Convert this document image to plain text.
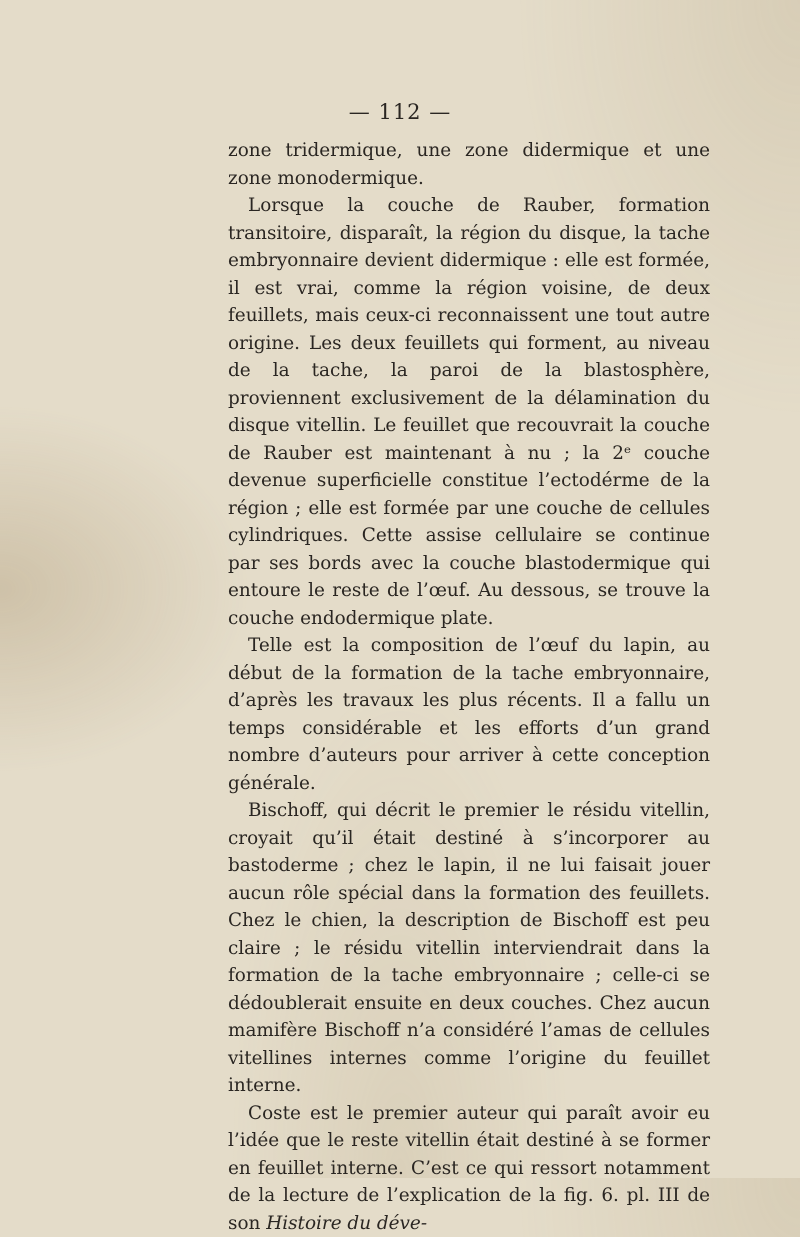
— 112 —

zone tridermique, une zone didermique et une zone monodermique.

Lorsque la couche de Rauber, formation transitoire, disparaît, la région du disque, la tache embryonnaire devient didermique : elle est formée, il est vrai, comme la région voisine, de deux feuillets, mais ceux-ci reconnaissent une tout autre origine. Les deux feuillets qui forment, au niveau de la tache, la paroi de la blastosphère, proviennent exclusivement de la délamination du disque vitellin. Le feuillet que recouvrait la couche de Rauber est maintenant à nu ; la 2ᵉ couche devenue superficielle constitue l’ectodérme de la région ; elle est formée par une couche de cellules cylindriques. Cette assise cellulaire se continue par ses bords avec la couche blastodermique qui entoure le reste de l’œuf. Au dessous, se trouve la couche endodermique plate.

Telle est la composition de l’œuf du lapin, au début de la formation de la tache embryonnaire, d’après les travaux les plus récents. Il a fallu un temps considérable et les efforts d’un grand nombre d’auteurs pour arriver à cette conception générale.

Bischoff, qui décrit le premier le résidu vitellin, croyait qu’il était destiné à s’incorporer au bastoderme ; chez le lapin, il ne lui faisait jouer aucun rôle spécial dans la formation des feuillets. Chez le chien, la description de Bischoff est peu claire ; le résidu vitellin interviendrait dans la formation de la tache embryonnaire ; celle-ci se dédoublerait ensuite en deux couches. Chez aucun mamifère Bischoff n’a considéré l’amas de cellules vitellines internes comme l’origine du feuillet interne.

Coste est le premier auteur qui paraît avoir eu l’idée que le reste vitellin était destiné à se former en feuillet interne. C’est ce qui ressort notamment de la lecture de l’explication de la fig. 6. pl. III de son Histoire du déve-
